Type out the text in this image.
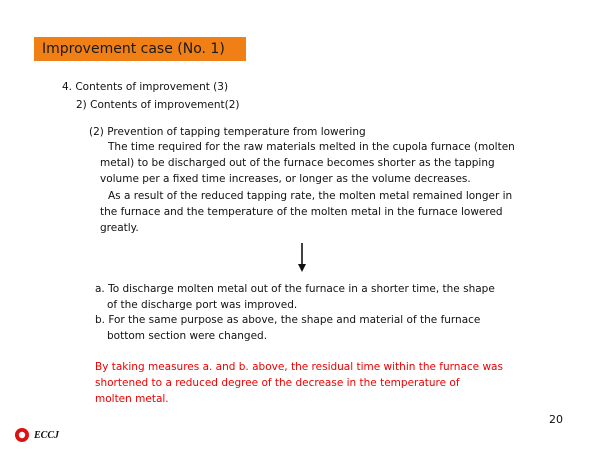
Improvement case (No. 1)
4. Contents of improvement (3)
2) Contents of improvement(2)
(2) Prevention of tapping temperature from lowering
The time required for the raw materials melted in the cupola furnace (molten
metal) to be discharged out of the furnace becomes shorter as the tapping
volume per a fixed time increases, or longer as the volume decreases.
As a result of the reduced tapping rate, the molten metal remained longer in
the furnace and the temperature of the molten metal in the furnace lowered
greatly.
a. To discharge molten metal out of the furnace in a shorter time, the shape
of the discharge port was improved.
b. For the same purpose as above, the shape and material of the furnace
bottom section were changed.
By taking measures a. and b. above, the residual time within the furnace was
shortened to a reduced degree of the decrease in the temperature of
molten metal.
20
ECCJ
